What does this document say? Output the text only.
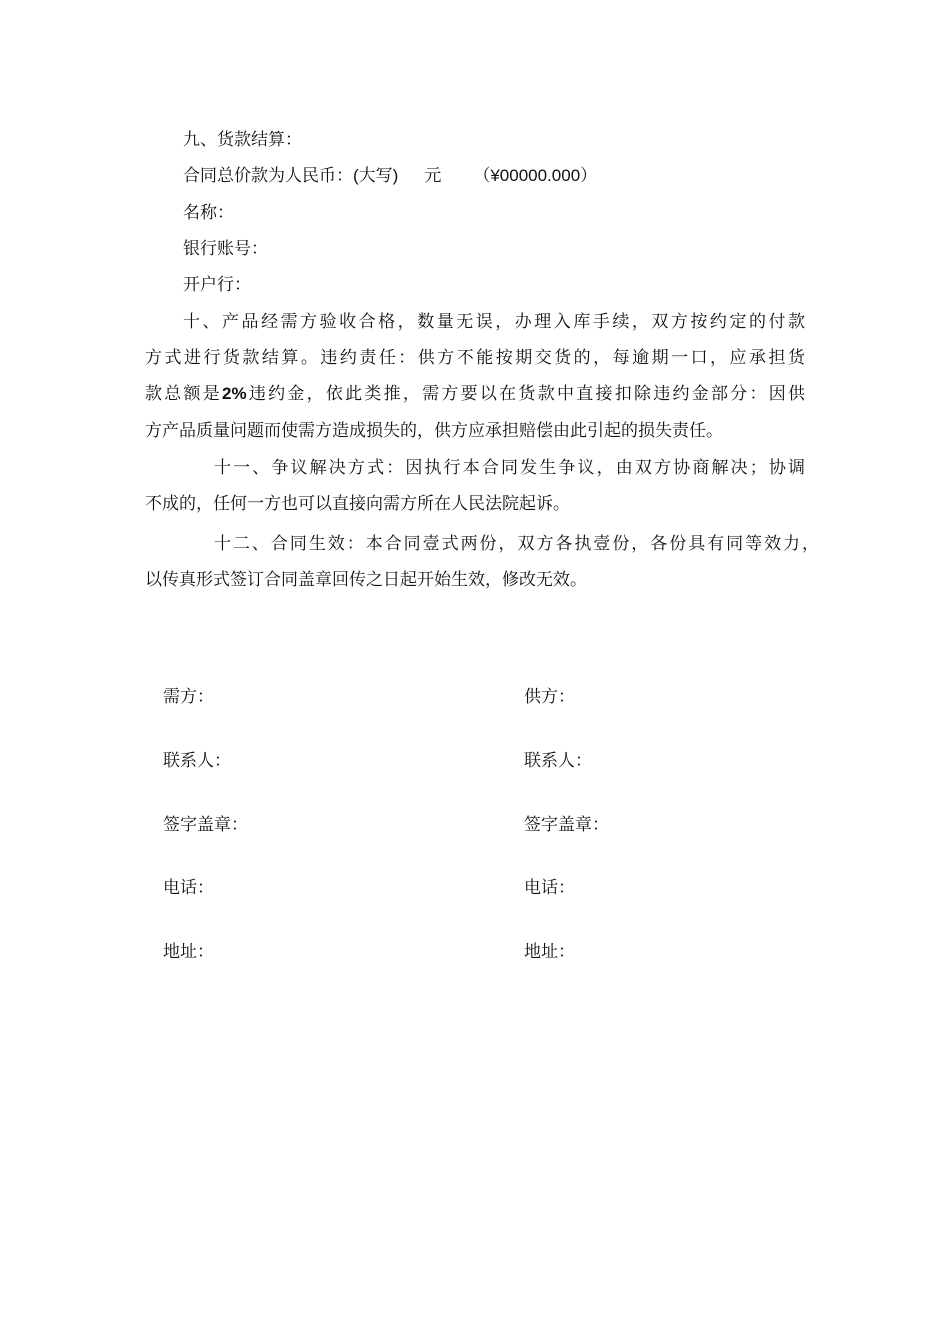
九、货款结算：
合同总价款为人民币：(大写) 元 （¥00000.000）
名称：
银行账号：
开户行：
十、产品经需方验收合格，数量无误，办理入库手续，双方按约定的付款
方式进行货款结算。违约责任：供方不能按期交货的，每逾期一口，应承担货
款总额是2%违约金，依此类推，需方要以在货款中直接扣除违约金部分：因供
方产品质量问题而使需方造成损失的，供方应承担赔偿由此引起的损失责任。
十一、争议解决方式：因执行本合同发生争议，由双方协商解决；协调
不成的，任何一方也可以直接向需方所在人民法院起诉。
十二、合同生效：本合同壹式两份，双方各执壹份，各份具有同等效力，
以传真形式签订合同盖章回传之日起开始生效，修改无效。
需方：
联系人：
签字盖章：
电话：
地址：
供方：
联系人：
签字盖章：
电话：
地址：
